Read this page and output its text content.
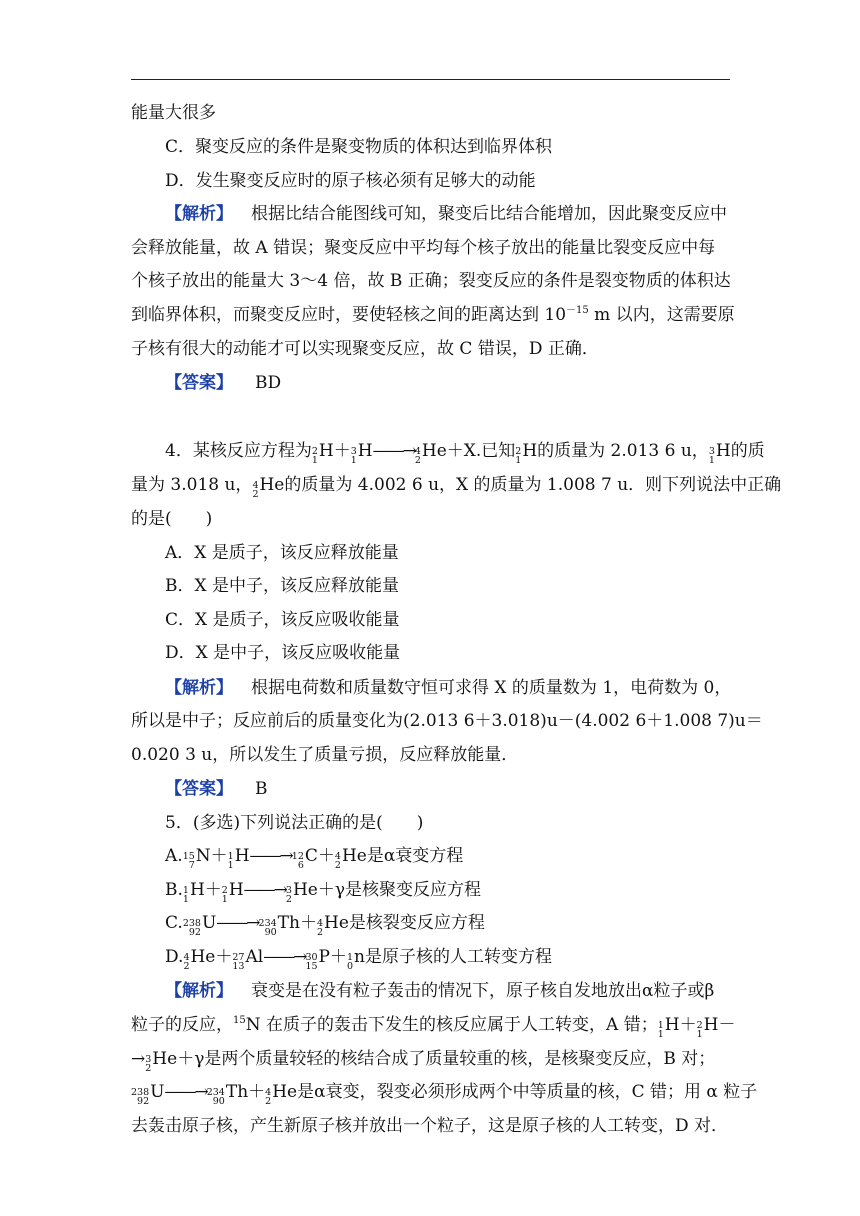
能量大很多
C．聚变反应的条件是聚变物质的体积达到临界体积
D．发生聚变反应时的原子核必须有足够大的动能
【解析】 根据比结合能图线可知，聚变后比结合能增加，因此聚变反应中
会释放能量，故 A 错误；聚变反应中平均每个核子放出的能量比裂变反应中每
个核子放出的能量大 3～4 倍，故 B 正确；裂变反应的条件是裂变物质的体积达
到临界体积，而聚变反应时，要使轻核之间的距离达到 $10^{-15}$ m 以内，这需要原
子核有很大的动能才可以实现聚变反应，故 C 错误，D 正确．
【答案】 BD
4．某核反应方程为 2
1 H＋ 3
1 H——→ 4
2 He＋X.已知 2
1 H的质量为 2.013 6 u， 3
1 H的质
量为 3.018 u， 4
2 He的质量为 4.002 6 u，X 的质量为 1.008 7 u．则下列说法中正确
的是(　　)
A．X 是质子，该反应释放能量
B．X 是中子，该反应释放能量
C．X 是质子，该反应吸收能量
D．X 是中子，该反应吸收能量
【解析】 根据电荷数和质量数守恒可求得 X 的质量数为 1，电荷数为 0，
所以是中子；反应前后的质量变化为(2.013 6＋3.018)u－(4.002 6＋1.008 7)u＝
0.020 3 u，所以发生了质量亏损，反应释放能量．
【答案】 B
5．(多选)下列说法正确的是(　　)
A. 15
7 N＋ 1
1 H——→ 12
6 C＋ 4
2 He是α衰变方程
B. 1
1 H＋ 2
1 H——→ 3
2 He＋γ是核聚变反应方程
C. 238
92 U——→ 234
90 Th＋ 4
2 He是核裂变反应方程
D. 4
2 He＋ 27
13 Al——→ 30
15 P＋ 1
0 n是原子核的人工转变方程
【解析】 衰变是在没有粒子轰击的情况下，原子核自发地放出α粒子或β
粒子的反应，$^{15}$N 在质子的轰击下发生的核反应属于人工转变，A 错； 1
1 H＋ 2
1 H－
→ 3
2 He＋γ是两个质量较轻的核结合成了质量较重的核，是核聚变反应，B 对；
238
92 U——→ 234
90 Th＋ 4
2 He是α衰变，裂变必须形成两个中等质量的核，C 错；用 α 粒子
去轰击原子核，产生新原子核并放出一个粒子，这是原子核的人工转变，D 对．
